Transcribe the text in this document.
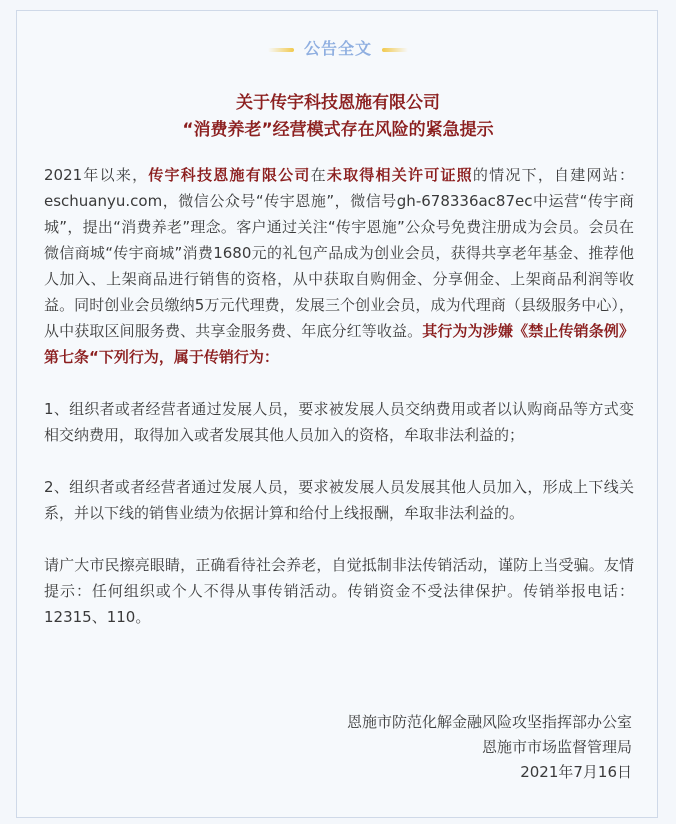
公告全文
关于传宇科技恩施有限公司
“消费养老”经营模式存在风险的紧急提示

2021年以来，传宇科技恩施有限公司在未取得相关许可证照的情况下，自建网站：eschuanyu.com，微信公众号“传宇恩施”，微信号gh-678336ac87ec中运营“传宇商城”，提出“消费养老”理念。客户通过关注“传宇恩施”公众号免费注册成为会员。会员在微信商城“传宇商城”消费1680元的礼包产品成为创业会员，获得共享老年基金、推荐他人加入、上架商品进行销售的资格，从中获取自购佣金、分享佣金、上架商品利润等收益。同时创业会员缴纳5万元代理费，发展三个创业会员，成为代理商（县级服务中心），从中获取区间服务费、共享金服务费、年底分红等收益。其行为为涉嫌《禁止传销条例》第七条“下列行为，属于传销行为：

1、组织者或者经营者通过发展人员，要求被发展人员交纳费用或者以认购商品等方式变相交纳费用，取得加入或者发展其他人员加入的资格，牟取非法利益的；

2、组织者或者经营者通过发展人员，要求被发展人员发展其他人员加入，形成上下线关系，并以下线的销售业绩为依据计算和给付上线报酬，牟取非法利益的。

请广大市民擦亮眼睛，正确看待社会养老，自觉抵制非法传销活动，谨防上当受骗。友情提示：任何组织或个人不得从事传销活动。传销资金不受法律保护。传销举报电话：12315、110。

恩施市防范化解金融风险攻坚指挥部办公室
恩施市市场监督管理局
2021年7月16日
